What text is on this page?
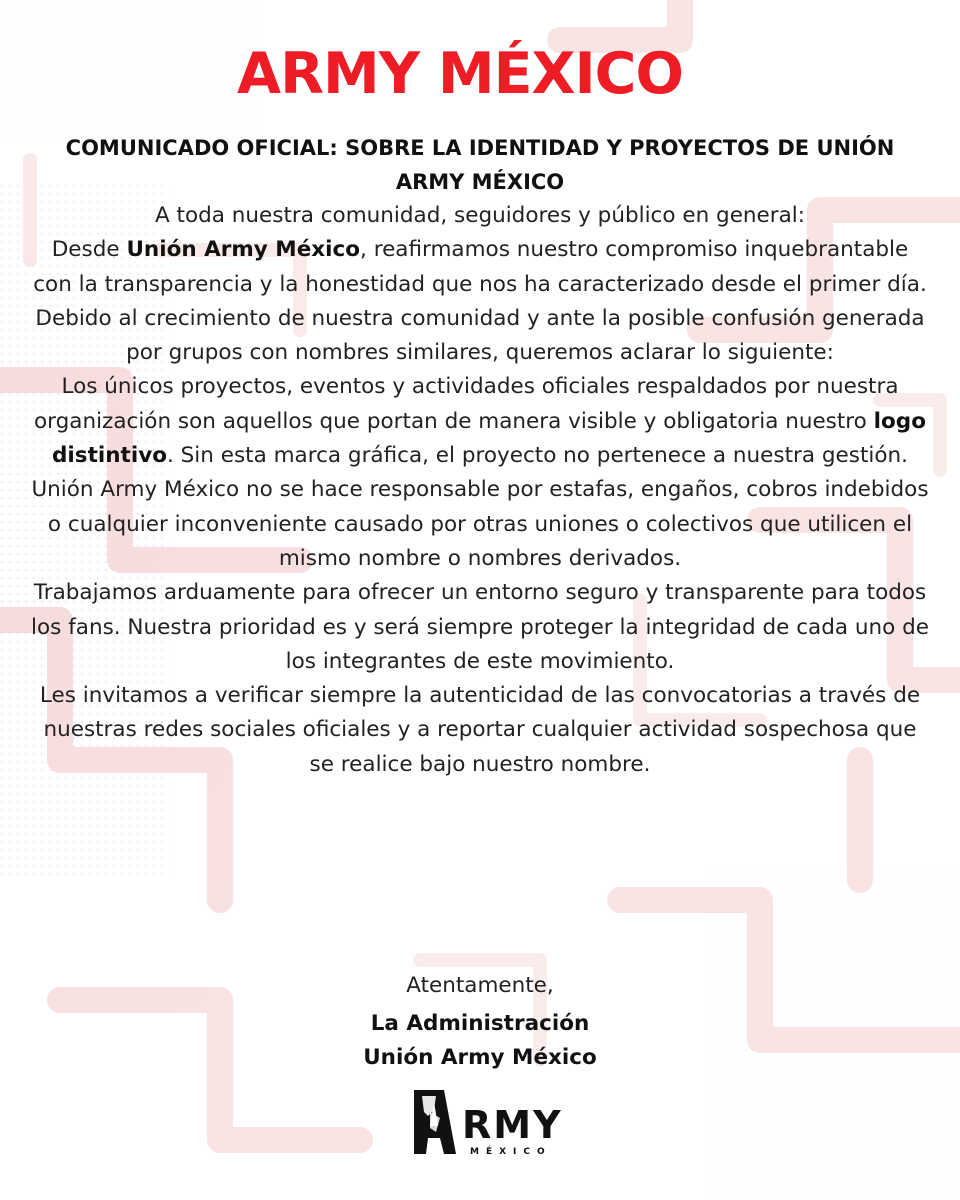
ARMY MÉXICO
COMUNICADO OFICIAL: SOBRE LA IDENTIDAD Y PROYECTOS DE UNIÓN ARMY MÉXICO

A toda nuestra comunidad, seguidores y público en general:

Desde Unión Army México, reafirmamos nuestro compromiso inquebrantable con la transparencia y la honestidad que nos ha caracterizado desde el primer día. Debido al crecimiento de nuestra comunidad y ante la posible confusión generada por grupos con nombres similares, queremos aclarar lo siguiente:

Los únicos proyectos, eventos y actividades oficiales respaldados por nuestra organización son aquellos que portan de manera visible y obligatoria nuestro logo distintivo. Sin esta marca gráfica, el proyecto no pertenece a nuestra gestión.

Unión Army México no se hace responsable por estafas, engaños, cobros indebidos o cualquier inconveniente causado por otras uniones o colectivos que utilicen el mismo nombre o nombres derivados.

Trabajamos arduamente para ofrecer un entorno seguro y transparente para todos los fans. Nuestra prioridad es y será siempre proteger la integridad de cada uno de los integrantes de este movimiento.

Les invitamos a verificar siempre la autenticidad de las convocatorias a través de nuestras redes sociales oficiales y a reportar cualquier actividad sospechosa que se realice bajo nuestro nombre.

Atentamente,
La Administración
Unión Army México
RMY
MÉXICO
